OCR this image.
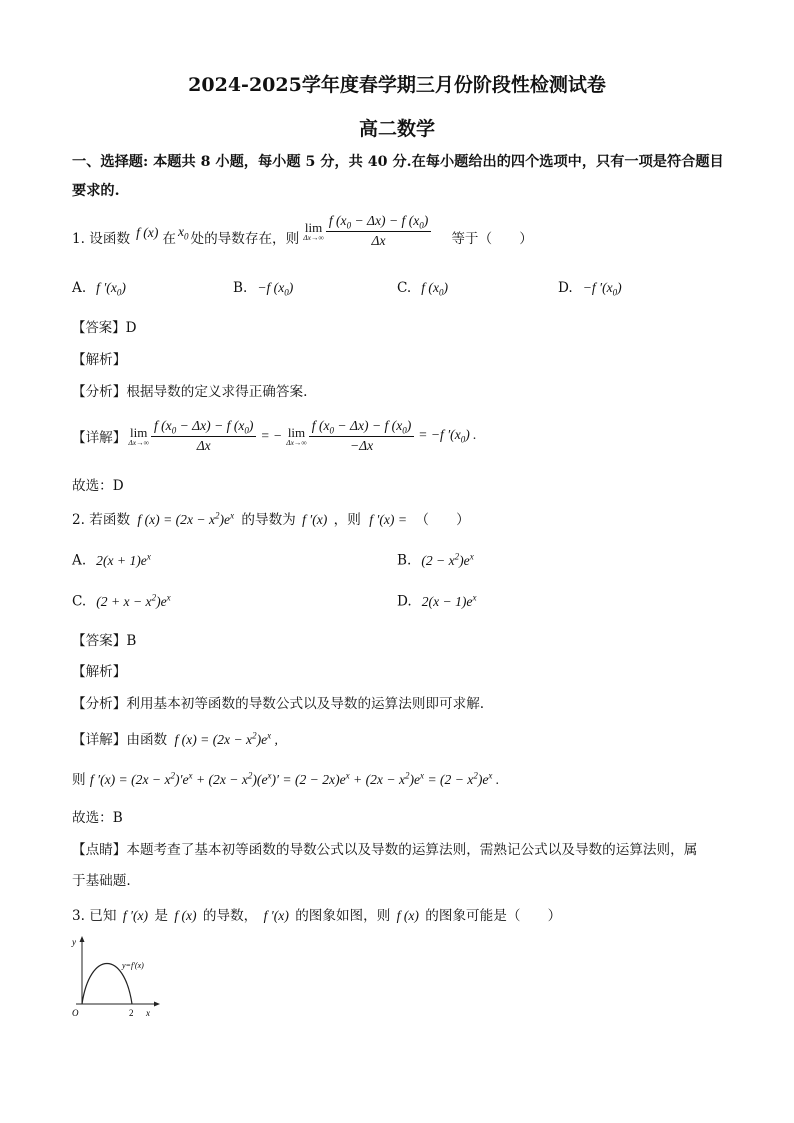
2024-2025学年度春学期三月份阶段性检测试卷
高二数学
一、选择题: 本题共 8 小题，每小题 5 分，共 40 分.在每小题给出的四个选项中，只有一项是符合题目要求的.
1. 设函数 f (x) 在 $x_0$ 处的导数存在，则
lim
$\Delta x\to\infty \frac{f (x_0 - \Delta x) - f (x_0)}{\Delta x}$ 等于（　　）
A. f $'(x_0)$	B. −f $(x_0)$	C. f $(x_0)$	D. −f $'(x_0)$
【答案】D
【解析】
【分析】根据导数的定义求得正确答案.
【详解】 lim
$\Delta x\to\infty \frac{f (x_0 - \Delta x) - f (x_0)}{\Delta x}$ = − lim
$\Delta x\to\infty \frac{f (x_0 - \Delta x) - f (x_0)}{-\Delta x} = -f$ $'(x_0)$ .
故选：D
2. 若函数 f $(x) = (2x - x^2)e^x$ 的导数为 f ′(x) ，则 f ′(x) = （　　）
A. $2(x + 1)e^x$	B. $(2 - x^2)e^x$
C. $(2 + x - x^2)e^x$	D. $2(x - 1)e^x$
【答案】B
【解析】
【分析】利用基本初等函数的导数公式以及导数的运算法则即可求解.
【详解】由函数 f $(x) = (2x - x^2)e^x$ ,
则 f $'(x) = (2x - x^2)'e^x + (2x - x^2)(e^x)' = (2 - 2x)e^x + (2x - x^2)e^x = (2 - x^2)e^x$ .
故选：B
【点睛】本题考查了基本初等函数的导数公式以及导数的运算法则，需熟记公式以及导数的运算法则，属
于基础题.
3. 已知 f ′(x) 是 f (x) 的导数， f ′(x) 的图象如图，则 f (x) 的图象可能是（　　）
y
x
O	2
y=f′(x)
